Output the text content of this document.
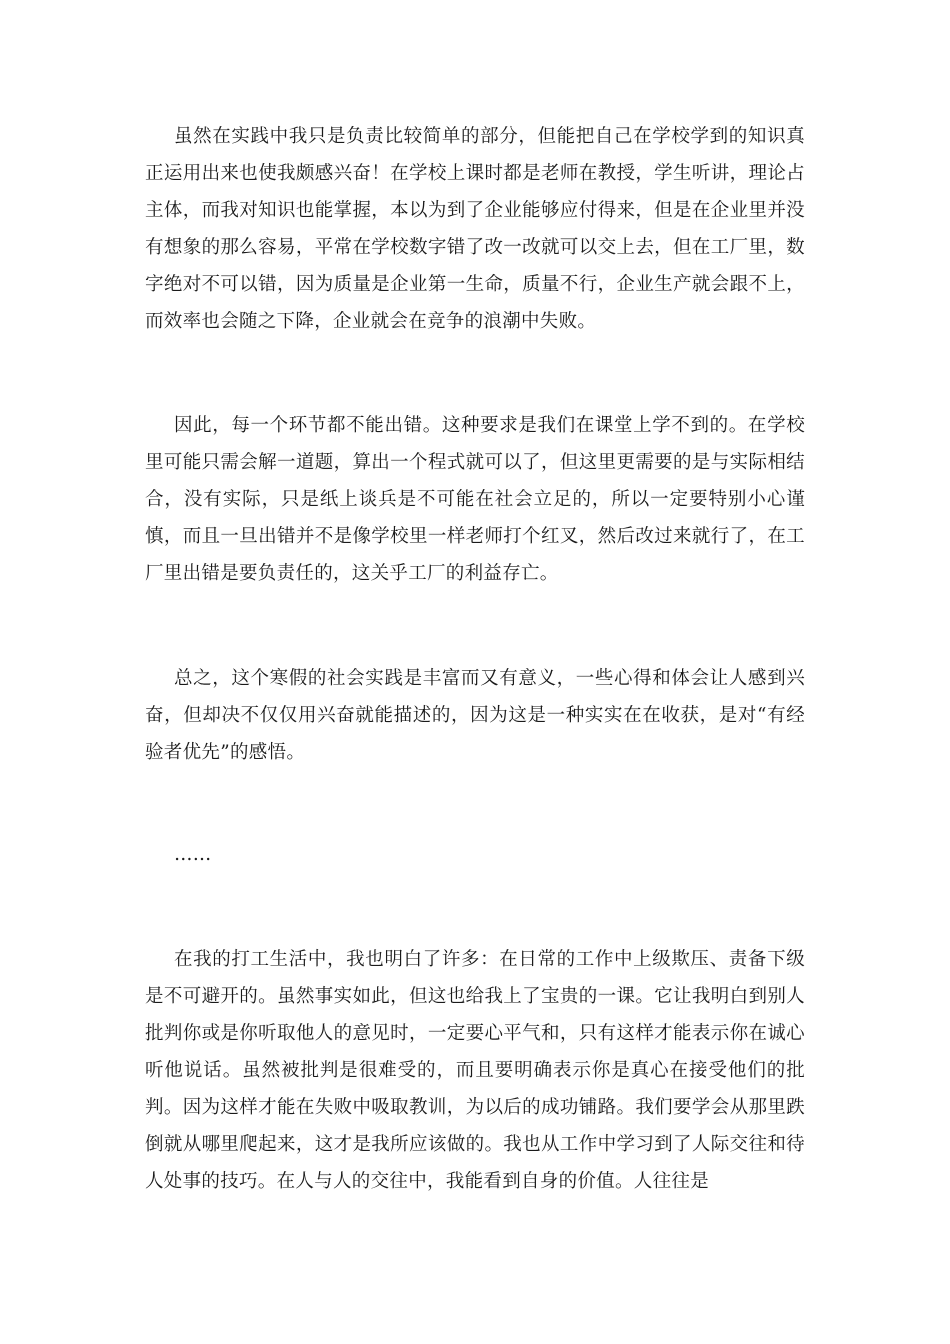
虽然在实践中我只是负责比较简单的部分，但能把自己在学校学到的知识真正运用出来也使我颇感兴奋！在学校上课时都是老师在教授，学生听讲，理论占主体，而我对知识也能掌握，本以为到了企业能够应付得来，但是在企业里并没有想象的那么容易，平常在学校数字错了改一改就可以交上去，但在工厂里，数字绝对不可以错，因为质量是企业第一生命，质量不行，企业生产就会跟不上，而效率也会随之下降，企业就会在竞争的浪潮中失败。

因此，每一个环节都不能出错。这种要求是我们在课堂上学不到的。在学校里可能只需会解一道题，算出一个程式就可以了，但这里更需要的是与实际相结合，没有实际，只是纸上谈兵是不可能在社会立足的，所以一定要特别小心谨慎，而且一旦出错并不是像学校里一样老师打个红叉，然后改过来就行了，在工厂里出错是要负责任的，这关乎工厂的利益存亡。

总之，这个寒假的社会实践是丰富而又有意义，一些心得和体会让人感到兴奋，但却决不仅仅用兴奋就能描述的，因为这是一种实实在在收获，是对“有经验者优先”的感悟。

……

在我的打工生活中，我也明白了许多：在日常的工作中上级欺压、责备下级是不可避开的。虽然事实如此，但这也给我上了宝贵的一课。它让我明白到别人批判你或是你听取他人的意见时，一定要心平气和，只有这样才能表示你在诚心听他说话。虽然被批判是很难受的，而且要明确表示你是真心在接受他们的批判。因为这样才能在失败中吸取教训，为以后的成功铺路。我们要学会从那里跌倒就从哪里爬起来，这才是我所应该做的。我也从工作中学习到了人际交往和待人处事的技巧。在人与人的交往中，我能看到自身的价值。人往往是
